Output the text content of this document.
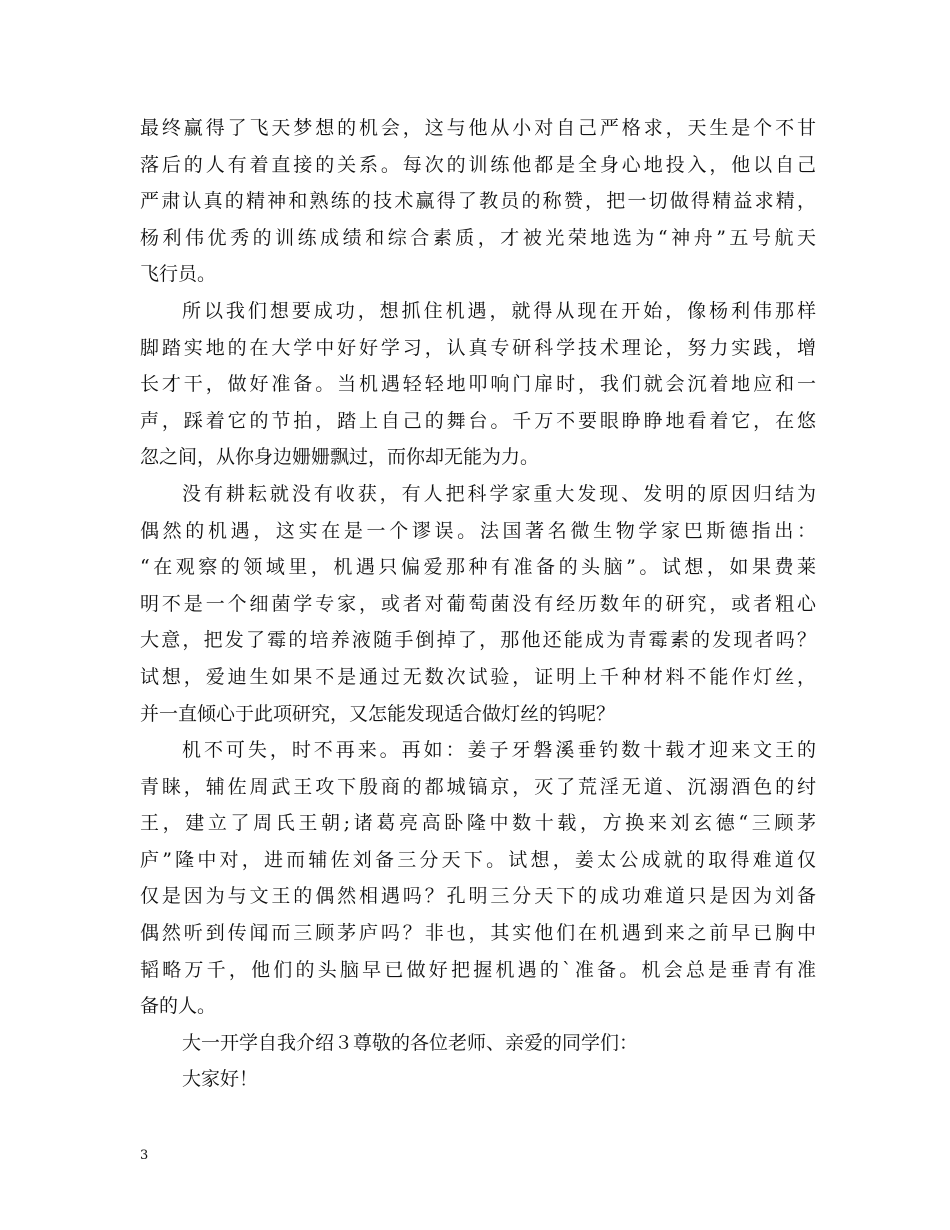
最终赢得了飞天梦想的机会，这与他从小对自己严格求，天生是个不甘
落后的人有着直接的关系。每次的训练他都是全身心地投入，他以自己
严肃认真的精神和熟练的技术赢得了教员的称赞，把一切做得精益求精，
杨利伟优秀的训练成绩和综合素质，才被光荣地选为“神舟”五号航天
飞行员。
所以我们想要成功，想抓住机遇，就得从现在开始，像杨利伟那样
脚踏实地的在大学中好好学习，认真专研科学技术理论，努力实践，增
长才干，做好准备。当机遇轻轻地叩响门扉时，我们就会沉着地应和一
声，踩着它的节拍，踏上自己的舞台。千万不要眼睁睁地看着它，在悠
忽之间，从你身边姗姗飘过，而你却无能为力。
没有耕耘就没有收获，有人把科学家重大发现、发明的原因归结为
偶然的机遇，这实在是一个谬误。法国著名微生物学家巴斯德指出：
“在观察的领域里，机遇只偏爱那种有准备的头脑”。试想，如果费莱
明不是一个细菌学专家，或者对葡萄菌没有经历数年的研究，或者粗心
大意，把发了霉的培养液随手倒掉了，那他还能成为青霉素的发现者吗？
试想，爱迪生如果不是通过无数次试验，证明上千种材料不能作灯丝，
并一直倾心于此项研究，又怎能发现适合做灯丝的钨呢？
机不可失，时不再来。再如：姜子牙磐溪垂钓数十载才迎来文王的
青睐，辅佐周武王攻下殷商的都城镐京，灭了荒淫无道、沉溺酒色的纣
王，建立了周氏王朝;诸葛亮高卧隆中数十载，方换来刘玄德“三顾茅
庐”隆中对，进而辅佐刘备三分天下。试想，姜太公成就的取得难道仅
仅是因为与文王的偶然相遇吗？孔明三分天下的成功难道只是因为刘备
偶然听到传闻而三顾茅庐吗？非也，其实他们在机遇到来之前早已胸中
韬略万千，他们的头脑早已做好把握机遇的`准备。机会总是垂青有准
备的人。
大一开学自我介绍３尊敬的各位老师、亲爱的同学们：
大家好！
3
